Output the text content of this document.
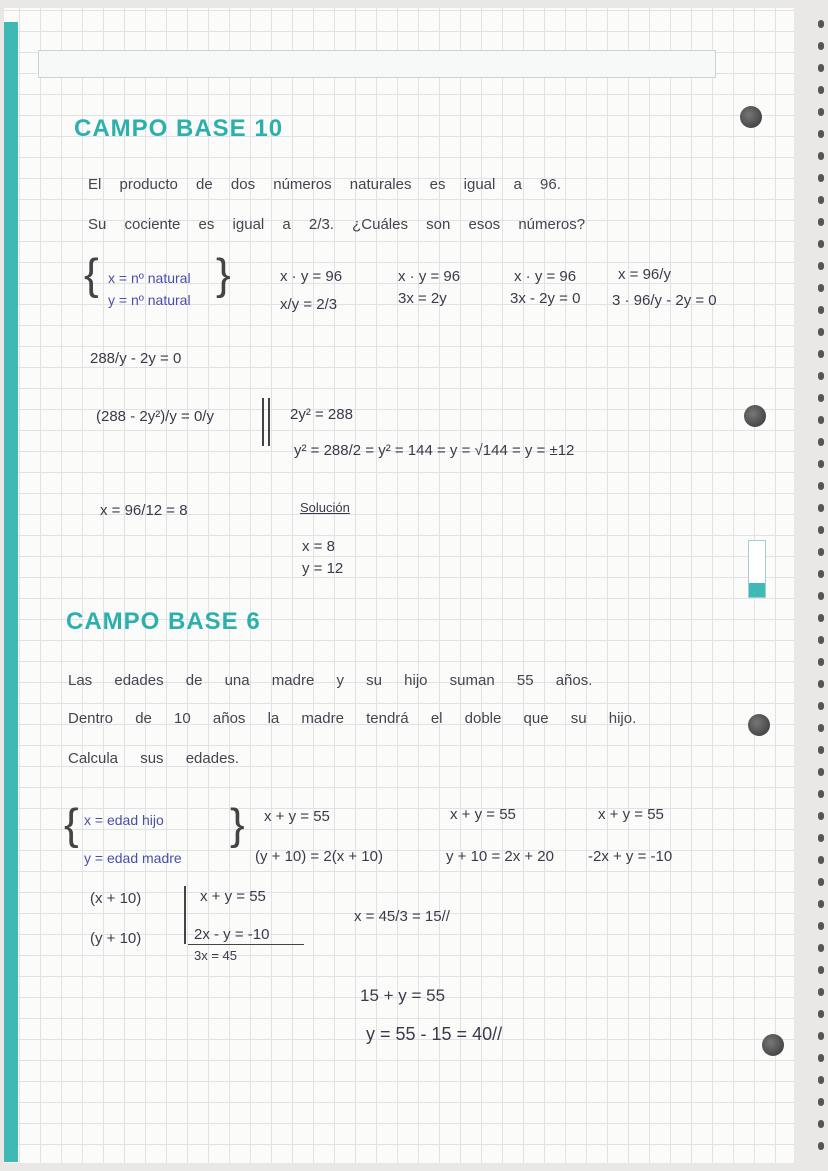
CAMPO BASE 10
El producto de dos números naturales es igual a 96.
Su cociente es igual a 2/3. ¿Cuáles son esos números?
{ x = nº natural
y = nº natural
}	x · y = 96
x/y = 2/3
x · y = 96
3x = 2y
x · y = 96
3x - 2y = 0
x = 96/y
3 · 96/y - 2y = 0
288/y - 2y = 0
(288 - 2y²)/y = 0/y	2y² = 288
y² = 288/2 = y² = 144 = y = √144 = y = ±12
x = 96/12 = 8	Solución
x = 8
y = 12
CAMPO BASE 6
Las edades de una madre y su hijo suman 55 años.
Dentro de 10 años la madre tendrá el doble que su hijo.
Calcula sus edades.
{ x = edad hijo
y = edad madre
} x + y = 55
(y + 10) = 2(x + 10)
x + y = 55
y + 10 = 2x + 20
x + y = 55
-2x + y = -10
(x + 10)
(y + 10)
x + y = 55
2x - y = -10
3x = 45
x = 45/3 = 15//
15 + y = 55
y = 55 - 15 = 40//
